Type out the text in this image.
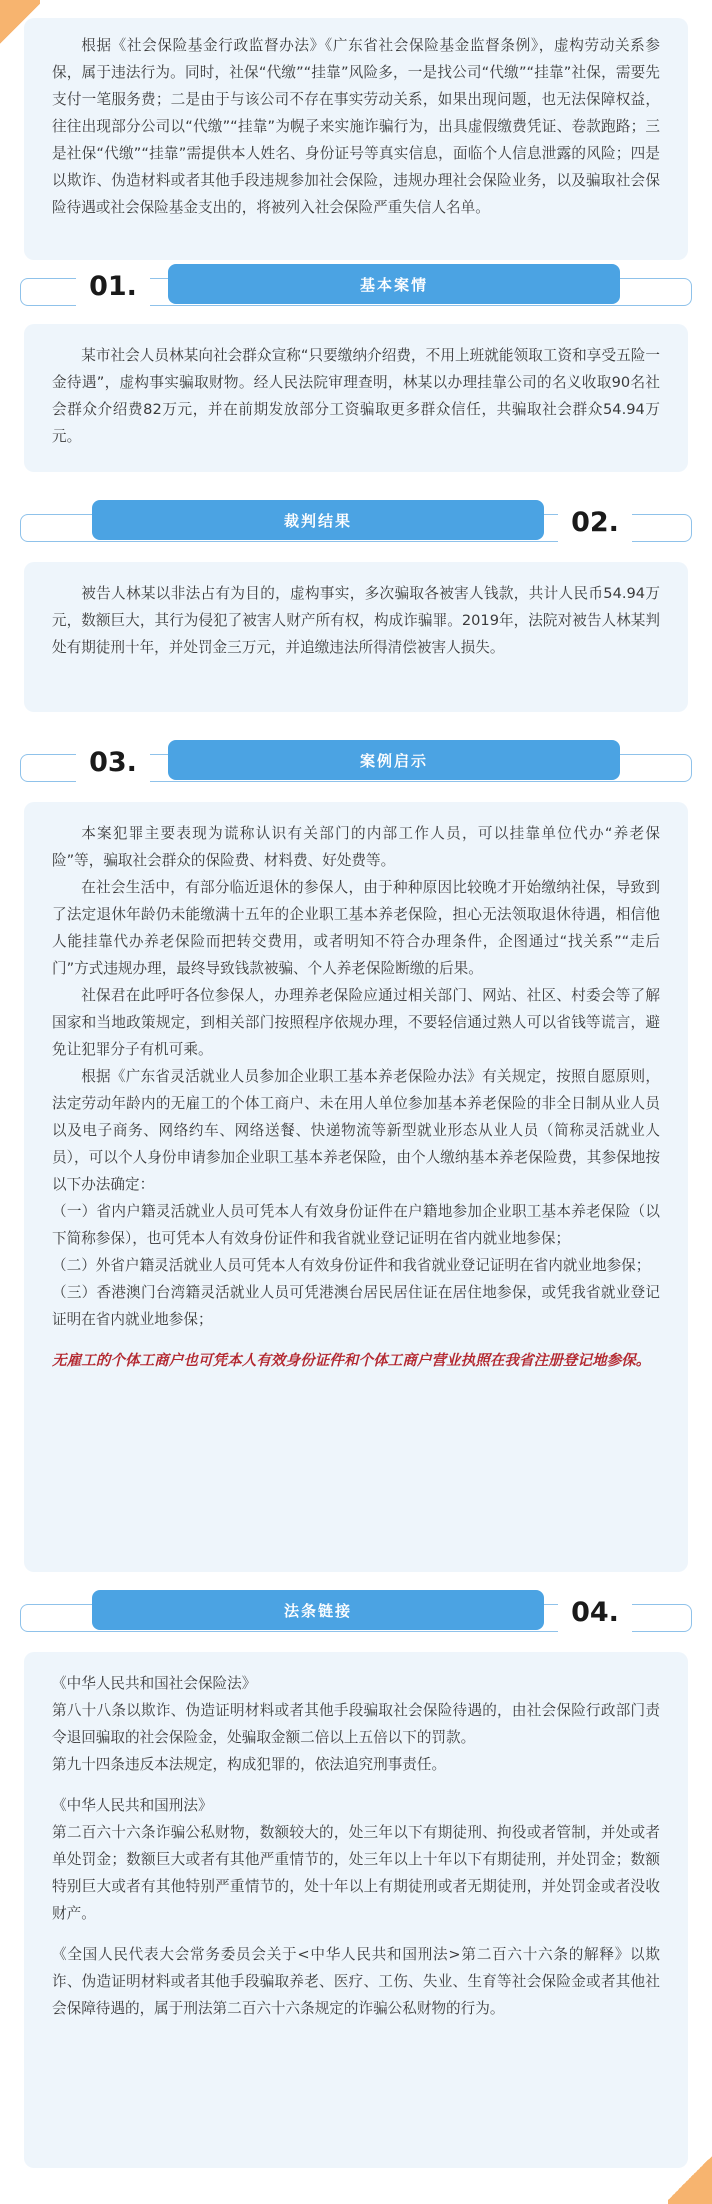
根据《社会保险基金行政监督办法》《广东省社会保险基金监督条例》，虚构劳动关系参保，属于违法行为。同时，社保“代缴”“挂靠”风险多，一是找公司“代缴”“挂靠”社保，需要先支付一笔服务费；二是由于与该公司不存在事实劳动关系，如果出现问题，也无法保障权益，往往出现部分公司以“代缴”“挂靠”为幌子来实施诈骗行为，出具虚假缴费凭证、卷款跑路；三是社保“代缴”“挂靠”需提供本人姓名、身份证号等真实信息，面临个人信息泄露的风险；四是以欺诈、伪造材料或者其他手段违规参加社会保险，违规办理社会保险业务，以及骗取社会保险待遇或社会保险基金支出的，将被列入社会保险严重失信人名单。

01.	基本案情

某市社会人员林某向社会群众宣称“只要缴纳介绍费，不用上班就能领取工资和享受五险一金待遇”，虚构事实骗取财物。经人民法院审理查明，林某以办理挂靠公司的名义收取90名社会群众介绍费82万元，并在前期发放部分工资骗取更多群众信任，共骗取社会群众54.94万元。

裁判结果	02.

被告人林某以非法占有为目的，虚构事实，多次骗取各被害人钱款，共计人民币54.94万元，数额巨大，其行为侵犯了被害人财产所有权，构成诈骗罪。2019年，法院对被告人林某判处有期徒刑十年，并处罚金三万元，并追缴违法所得清偿被害人损失。

03.	案例启示

本案犯罪主要表现为谎称认识有关部门的内部工作人员，可以挂靠单位代办“养老保险”等，骗取社会群众的保险费、材料费、好处费等。

在社会生活中，有部分临近退休的参保人，由于种种原因比较晚才开始缴纳社保，导致到了法定退休年龄仍未能缴满十五年的企业职工基本养老保险，担心无法领取退休待遇，相信他人能挂靠代办养老保险而把转交费用，或者明知不符合办理条件，企图通过“找关系”“走后门”方式违规办理，最终导致钱款被骗、个人养老保险断缴的后果。

社保君在此呼吁各位参保人，办理养老保险应通过相关部门、网站、社区、村委会等了解国家和当地政策规定，到相关部门按照程序依规办理，不要轻信通过熟人可以省钱等谎言，避免让犯罪分子有机可乘。

根据《广东省灵活就业人员参加企业职工基本养老保险办法》有关规定，按照自愿原则，法定劳动年龄内的无雇工的个体工商户、未在用人单位参加基本养老保险的非全日制从业人员以及电子商务、网络约车、网络送餐、快递物流等新型就业形态从业人员（简称灵活就业人员），可以个人身份申请参加企业职工基本养老保险，由个人缴纳基本养老保险费，其参保地按以下办法确定：

（一）省内户籍灵活就业人员可凭本人有效身份证件在户籍地参加企业职工基本养老保险（以下简称参保），也可凭本人有效身份证件和我省就业登记证明在省内就业地参保；

（二）外省户籍灵活就业人员可凭本人有效身份证件和我省就业登记证明在省内就业地参保；

（三）香港澳门台湾籍灵活就业人员可凭港澳台居民居住证在居住地参保，或凭我省就业登记证明在省内就业地参保；

无雇工的个体工商户也可凭本人有效身份证件和个体工商户营业执照在我省注册登记地参保。

法条链接	04.

《中华人民共和国社会保险法》

第八十八条以欺诈、伪造证明材料或者其他手段骗取社会保险待遇的，由社会保险行政部门责令退回骗取的社会保险金，处骗取金额二倍以上五倍以下的罚款。

第九十四条违反本法规定，构成犯罪的，依法追究刑事责任。

《中华人民共和国刑法》

第二百六十六条诈骗公私财物，数额较大的，处三年以下有期徒刑、拘役或者管制，并处或者单处罚金；数额巨大或者有其他严重情节的，处三年以上十年以下有期徒刑，并处罚金；数额特别巨大或者有其他特别严重情节的，处十年以上有期徒刑或者无期徒刑，并处罚金或者没收财产。

《全国人民代表大会常务委员会关于<中华人民共和国刑法>第二百六十六条的解释》以欺诈、伪造证明材料或者其他手段骗取养老、医疗、工伤、失业、生育等社会保险金或者其他社会保障待遇的，属于刑法第二百六十六条规定的诈骗公私财物的行为。
